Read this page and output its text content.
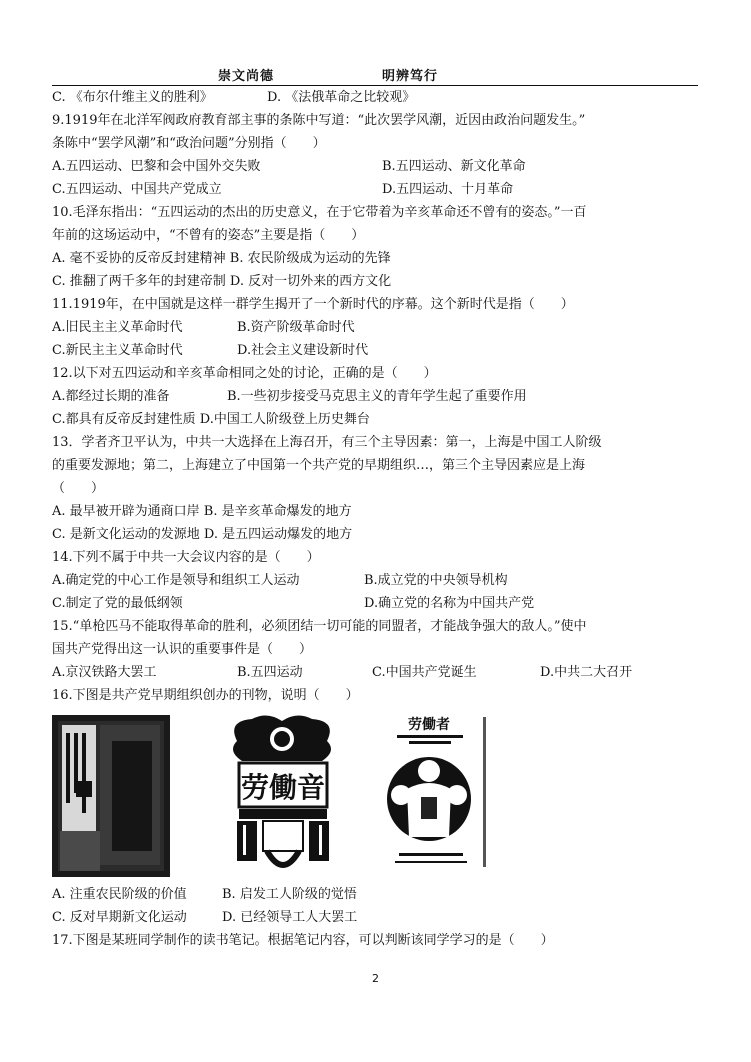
崇文尚德	明辨笃行
C. 《布尔什维主义的胜利》	D. 《法俄革命之比较观》
9.1919年在北洋军阀政府教育部主事的条陈中写道：“此次罢学风潮，近因由政治问题发生。”
条陈中“罢学风潮”和“政治问题”分别指（　　）
A.五四运动、巴黎和会中国外交失败	B.五四运动、新文化革命
C.五四运动、中国共产党成立	D.五四运动、十月革命
10.毛泽东指出：“五四运动的杰出的历史意义，在于它带着为辛亥革命还不曾有的姿态。”一百
年前的这场运动中，“不曾有的姿态”主要是指（　　）
A. 毫不妥协的反帝反封建精神 B. 农民阶级成为运动的先锋
C. 推翻了两千多年的封建帝制 D. 反对一切外来的西方文化
11.1919年，在中国就是这样一群学生揭开了一个新时代的序幕。这个新时代是指（　　）
A.旧民主主义革命时代	B.资产阶级革命时代
C.新民主主义革命时代	D.社会主义建设新时代
12.以下对五四运动和辛亥革命相同之处的讨论，正确的是（　　）
A.都经过长期的准备	B.一些初步接受马克思主义的青年学生起了重要作用
C.都具有反帝反封建性质 D.中国工人阶级登上历史舞台
13．学者齐卫平认为，中共一大选择在上海召开，有三个主导因素：第一，上海是中国工人阶级
的重要发源地；第二，上海建立了中国第一个共产党的早期组织…，第三个主导因素应是上海
（　　）
A. 最早被开辟为通商口岸 B. 是辛亥革命爆发的地方
C. 是新文化运动的发源地 D. 是五四运动爆发的地方
14.下列不属于中共一大会议内容的是（　　）
A.确定党的中心工作是领导和组织工人运动	B.成立党的中央领导机构
C.制定了党的最低纲领	D.确立党的名称为中国共产党
15.“单枪匹马不能取得革命的胜利，必须团结一切可能的同盟者，才能战争强大的敌人。”使中
国共产党得出这一认识的重要事件是（　　）
A.京汉铁路大罢工	B.五四运动	C.中国共产党诞生	D.中共二大召开
16.下图是共产党早期组织创办的刊物，说明（　　）
劳働音
劳働者
A. 注重农民阶级的价值	B. 启发工人阶级的觉悟
C. 反对早期新文化运动	D. 已经领导工人大罢工
17.下图是某班同学制作的读书笔记。根据笔记内容，可以判断该同学学习的是（　　）
2
